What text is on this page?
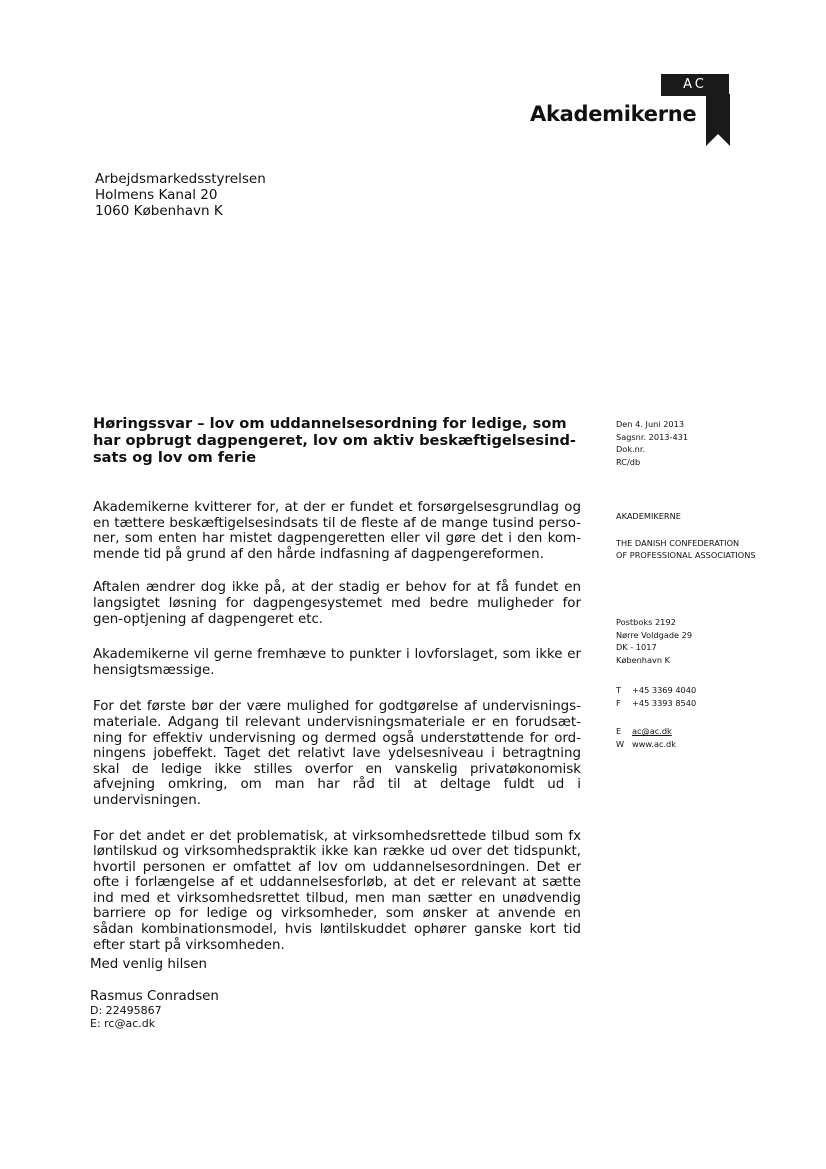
AC
Akademikerne
Arbejdsmarkedsstyrelsen
Holmens Kanal 20
1060 København K
Høringssvar – lov om uddannelsesordning for ledige, som har opbrugt dagpengeret, lov om aktiv beskæftigelsesind-sats og lov om ferie

Akademikerne kvitterer for, at der er fundet et forsørgelsesgrundlag og en tættere beskæftigelsesindsats til de fleste af de mange tusind perso-ner, som enten har mistet dagpengeretten eller vil gøre det i den kom-mende tid på grund af den hårde indfasning af dagpengereformen.

Aftalen ændrer dog ikke på, at der stadig er behov for at få fundet en langsigtet løsning for dagpengesystemet med bedre muligheder for gen-optjening af dagpengeret etc.

Akademikerne vil gerne fremhæve to punkter i lovforslaget, som ikke er hensigtsmæssige.

For det første bør der være mulighed for godtgørelse af undervisnings-materiale. Adgang til relevant undervisningsmateriale er en forudsæt-ning for effektiv undervisning og dermed også understøttende for ord-ningens jobeffekt. Taget det relativt lave ydelsesniveau i betragtning skal de ledige ikke stilles overfor en vanskelig privatøkonomisk afvejning omkring, om man har råd til at deltage fuldt ud i undervisningen.

For det andet er det problematisk, at virksomhedsrettede tilbud som fx løntilskud og virksomhedspraktik ikke kan række ud over det tidspunkt, hvortil personen er omfattet af lov om uddannelsesordningen. Det er ofte i forlængelse af et uddannelsesforløb, at det er relevant at sætte ind med et virksomhedsrettet tilbud, men man sætter en unødvendig barriere op for ledige og virksomheder, som ønsker at anvende en sådan kombinationsmodel, hvis løntilskuddet ophører ganske kort tid efter start på virksomheden.

Med venlig hilsen
Rasmus Conradsen
D: 22495867
E: rc@ac.dk
Den 4. Juni 2013
Sagsnr. 2013-431
Dok.nr.
RC/db
AKADEMIKERNE
THE DANISH CONFEDERATION
OF PROFESSIONAL ASSOCIATIONS
Postboks 2192
Nørre Voldgade 29
DK - 1017
København K
T	+45 3369 4040
F	+45 3393 8540
E	ac@ac.dk
W www.ac.dk
